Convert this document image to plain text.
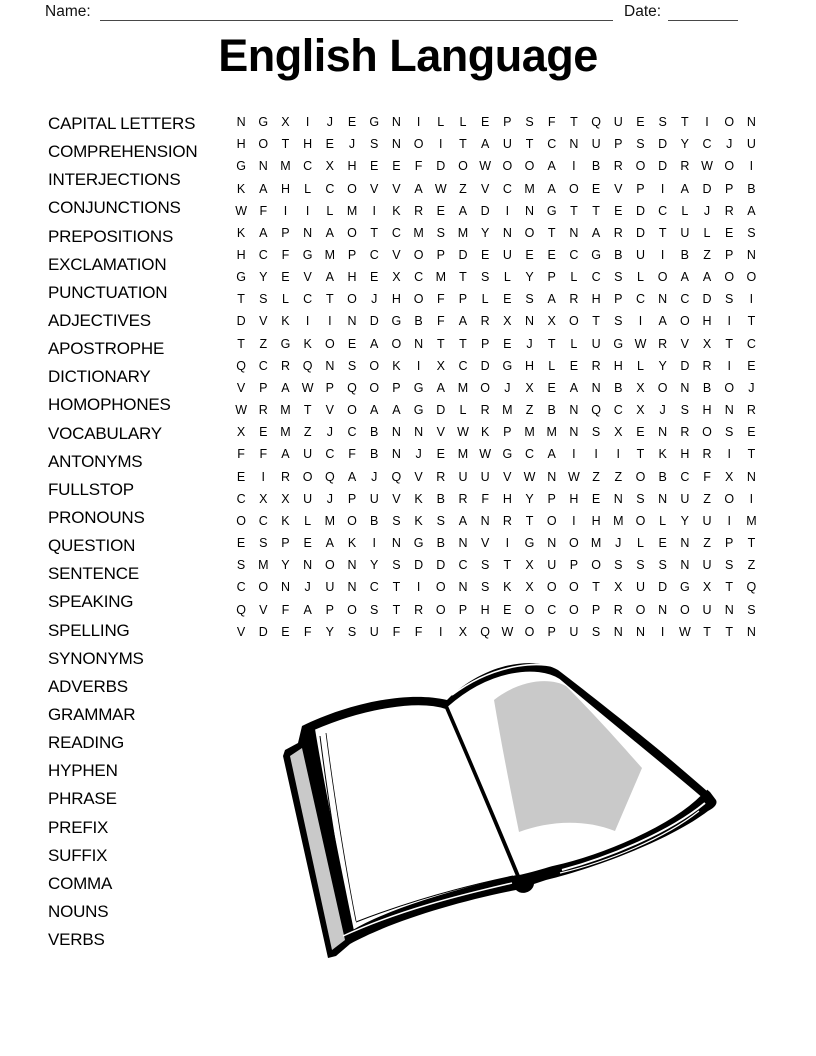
Name:	Date:
English Language
CAPITAL LETTERS
COMPREHENSION
INTERJECTIONS
CONJUNCTIONS
PREPOSITIONS
EXCLAMATION
PUNCTUATION
ADJECTIVES
APOSTROPHE
DICTIONARY
HOMOPHONES
VOCABULARY
ANTONYMS
FULLSTOP
PRONOUNS
QUESTION
SENTENCE
SPEAKING
SPELLING
SYNONYMS
ADVERBS
GRAMMAR
READING
HYPHEN
PHRASE
PREFIX
SUFFIX
COMMA
NOUNS
VERBS
N	G	X	I	J	E	G	N	I	L	L	E	P	S	F	T	Q	U	E	S	T	I	O	N
H	O	T	H	E	J	S	N	O	I	T	A	U	T	C	N	U	P	S	D	Y	C	J	U
G	N M C	X	H	E	E	F	D	O W O O	A	I	B	R	O	D	R W O	I
K	A	H	L	C	O	V	V	A W Z	V	C M	A	O	E	V	P	I	A	D	P	B
W F	I	I	L	M	I	K	R	E	A	D	I	N	G	T	T	E	D	C	L	J	R	A
K	A	P	N	A	O	T	C M	S	M	Y	N	O	T	N	A	R	D	T	U	L	E	S
H	C	F	G M	P	C	V	O	P	D	E	U	E	E	C	G	B	U	I	B	Z	P	N
G	Y	E	V	A	H	E	X	C M	T	S	L	Y	P	L	C	S	L	O	A	A	O O
T	S	L	C	T	O	J	H	O	F	P	L	E	S	A	R	H	P	C	N	C	D	S	I
D	V	K	I	I	N	D	G	B	F	A	R	X	N	X	O	T	S	I	A	O	H	I	T
T	Z	G	K	O	E	A	O	N	T	T	P	E	J	T	L	U	G W R	V	X	T	C
Q	C	R	Q	N	S	O	K	I	X	C	D	G	H	L	E	R	H	L	Y	D	R	I	E
V	P	A W P	Q O	P	G	A	M O	J	X	E	A	N	B	X	O	N	B	O	J
W R M	T	V	O	A	A	G	D	L	R M	Z	B	N	Q	C	X	J	S	H	N	R
X	E	M	Z	J	C	B	N	N	V W K	P	M M N	S	X	E	N	R	O	S	E
F	F	A	U	C	F	B	N	J	E	M W G	C	A	I	I	I	T	K	H	R	I	T
E	I	R	O Q	A	J	Q	V	R	U	U	V W N W Z	Z	O	B	C	F	X	N
C	X	X	U	J	P	U	V	K	B	R	F	H	Y	P	H	E	N	S	N	U	Z	O	I
O	C	K	L	M O	B	S	K	S	A	N	R	T	O	I	H M O	L	Y	U	I	M
E	S	P	E	A	K	I	N	G	B	N	V	I	G	N	O M	J	L	E	N	Z	P	T
S	M	Y	N	O	N	Y	S	D	D	C	S	T	X	U	P	O	S	S	S	N	U	S	Z
C	O	N	J	U	N	C	T	I	O	N	S	K	X	O O	T	X	U	D	G	X	T	Q
Q	V	F	A	P	O	S	T	R	O	P	H	E	O	C	O	P	R	O	N	O	U	N	S
V	D	E	F	Y	S	U	F	F	I	X	Q W O	P	U	S	N	N	I	W T	T	N
